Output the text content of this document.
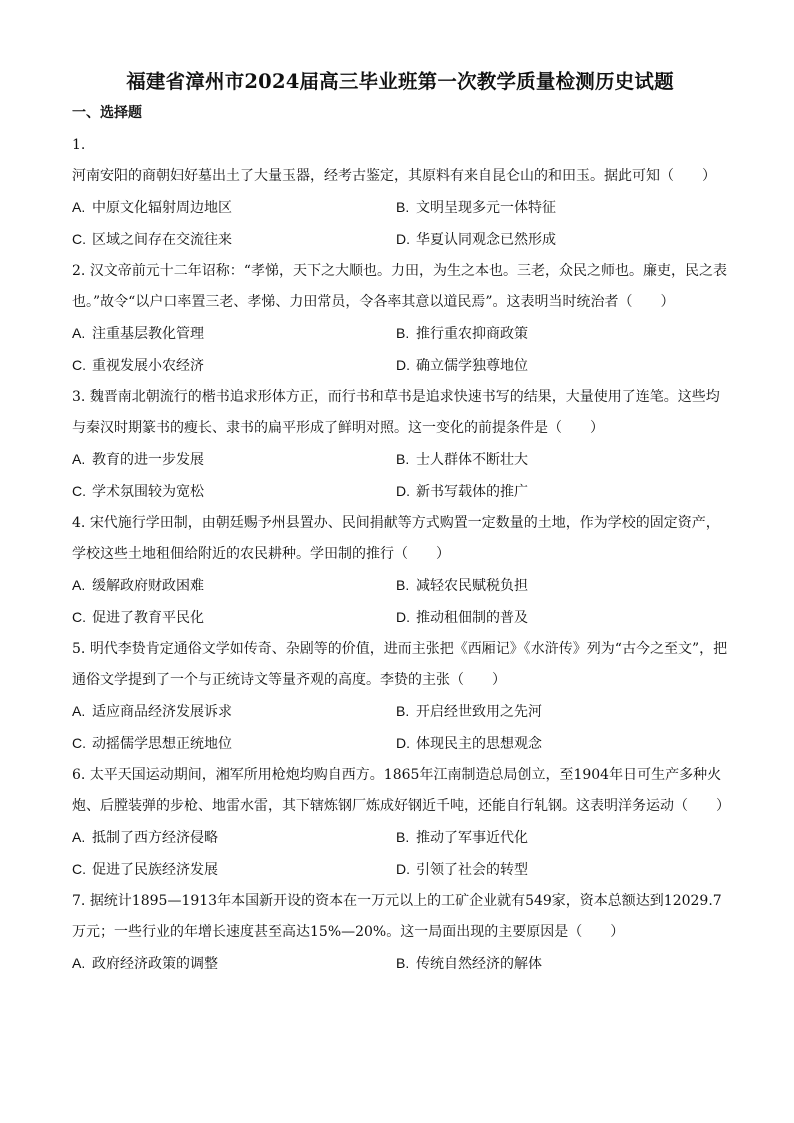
福建省漳州市2024届高三毕业班第一次教学质量检测历史试题
一、选择题

1. 河南安阳的商朝妇好墓出土了大量玉器，经考古鉴定，其原料有来自昆仑山的和田玉。据此可知（　　）

A. 中原文化辐射周边地区	B. 文明呈现多元一体特征
C. 区域之间存在交流往来	D. 华夏认同观念已然形成

2. 汉文帝前元十二年诏称：“孝悌，天下之大顺也。力田，为生之本也。三老，众民之师也。廉吏，民之表也。”故令“以户口率置三老、孝悌、力田常员，令各率其意以道民焉”。这表明当时统治者（　　）

A. 注重基层教化管理	B. 推行重农抑商政策
C. 重视发展小农经济	D. 确立儒学独尊地位

3. 魏晋南北朝流行的楷书追求形体方正，而行书和草书是追求快速书写的结果，大量使用了连笔。这些均与秦汉时期篆书的瘦长、隶书的扁平形成了鲜明对照。这一变化的前提条件是（　　）

A. 教育的进一步发展	B. 士人群体不断壮大
C. 学术氛围较为宽松	D. 新书写载体的推广

4. 宋代施行学田制，由朝廷赐予州县置办、民间捐献等方式购置一定数量的土地，作为学校的固定资产，学校这些土地租佃给附近的农民耕种。学田制的推行（　　）

A. 缓解政府财政困难	B. 减轻农民赋税负担
C. 促进了教育平民化	D. 推动租佃制的普及

5. 明代李贽肯定通俗文学如传奇、杂剧等的价值，进而主张把《西厢记》《水浒传》列为“古今之至文”，把通俗文学提到了一个与正统诗文等量齐观的高度。李贽的主张（　　）

A. 适应商品经济发展诉求	B. 开启经世致用之先河
C. 动摇儒学思想正统地位	D. 体现民主的思想观念

6. 太平天国运动期间，湘军所用枪炮均购自西方。1865年江南制造总局创立，至1904年日可生产多种火炮、后膛装弹的步枪、地雷水雷，其下辖炼钢厂炼成好钢近千吨，还能自行轧钢。这表明洋务运动（　　）

A. 抵制了西方经济侵略	B. 推动了军事近代化
C. 促进了民族经济发展	D. 引领了社会的转型

7. 据统计1895—1913年本国新开设的资本在一万元以上的工矿企业就有549家，资本总额达到12029.7万元；一些行业的年增长速度甚至高达15%—20%。这一局面出现的主要原因是（　　）

A. 政府经济政策的调整	B. 传统自然经济的解体
